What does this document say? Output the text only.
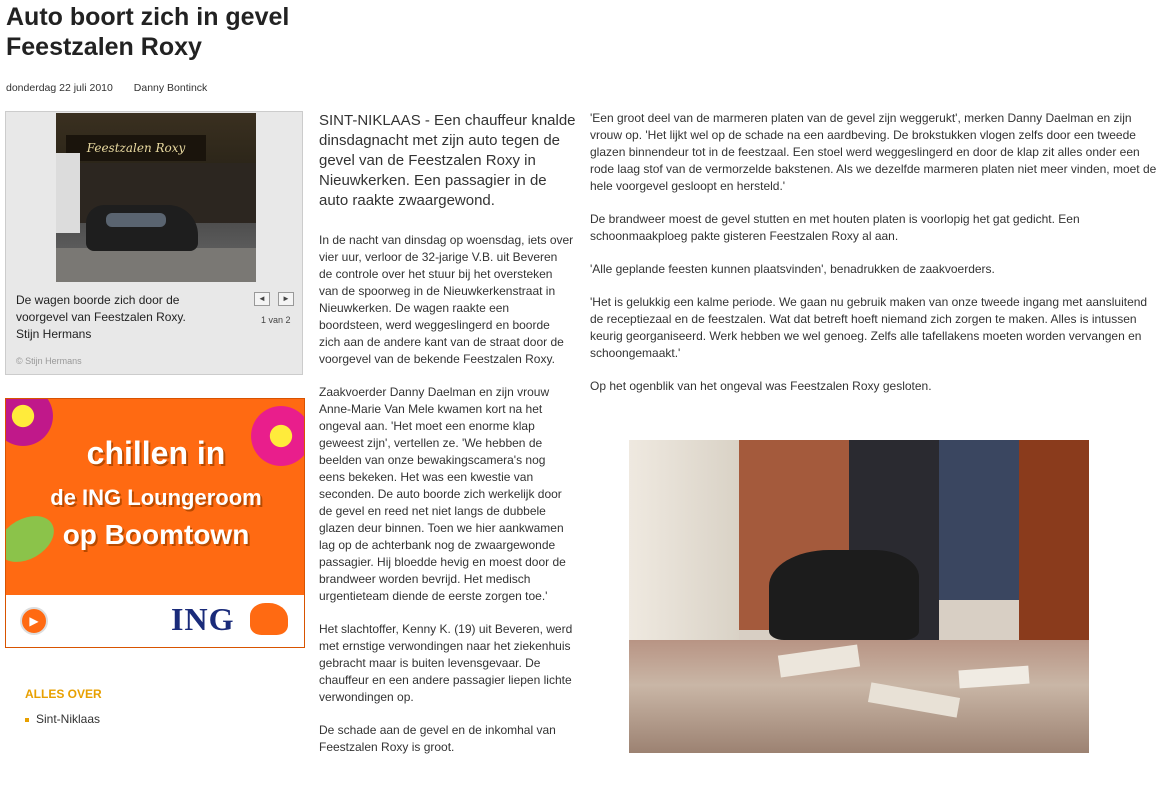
Auto boort zich in gevel Feestzalen Roxy
donderdag 22 juli 2010 Danny Bontinck
Feestzalen Roxy
De wagen boorde zich door de voorgevel van Feestzalen Roxy. Stijn Hermans
◄	►
1 van 2
© Stijn Hermans
chillen in
de ING Loungeroom
op Boomtown
▶	ING
ALLES OVER
Sint-Niklaas

SINT-NIKLAAS - Een chauffeur knalde dinsdagnacht met zijn auto tegen de gevel van de Feestzalen Roxy in Nieuwkerken. Een passagier in de auto raakte zwaargewond.

In de nacht van dinsdag op woensdag, iets over vier uur, verloor de 32-jarige V.B. uit Beveren de controle over het stuur bij het oversteken van de spoorweg in de Nieuwkerkenstraat in Nieuwkerken. De wagen raakte een boordsteen, werd weggeslingerd en boorde zich aan de andere kant van de straat door de voorgevel van de bekende Feestzalen Roxy.

Zaakvoerder Danny Daelman en zijn vrouw Anne-Marie Van Mele kwamen kort na het ongeval aan. 'Het moet een enorme klap geweest zijn', vertellen ze. 'We hebben de beelden van onze bewakingscamera's nog eens bekeken. Het was een kwestie van seconden. De auto boorde zich werkelijk door de gevel en reed net niet langs de dubbele glazen deur binnen. Toen we hier aankwamen lag op de achterbank nog de zwaargewonde passagier. Hij bloedde hevig en moest door de brandweer worden bevrijd. Het medisch urgentieteam diende de eerste zorgen toe.'

Het slachtoffer, Kenny K. (19) uit Beveren, werd met ernstige verwondingen naar het ziekenhuis gebracht maar is buiten levensgevaar. De chauffeur en een andere passagier liepen lichte verwondingen op.

De schade aan de gevel en de inkomhal van Feestzalen Roxy is groot.

'Een groot deel van de marmeren platen van de gevel zijn weggerukt', merken Danny Daelman en zijn vrouw op. 'Het lijkt wel op de schade na een aardbeving. De brokstukken vlogen zelfs door een tweede glazen binnendeur tot in de feestzaal. Een stoel werd weggeslingerd en door de klap zit alles onder een rode laag stof van de vermorzelde bakstenen. Als we dezelfde marmeren platen niet meer vinden, moet de hele voorgevel gesloopt en hersteld.'

De brandweer moest de gevel stutten en met houten platen is voorlopig het gat gedicht. Een schoonmaakploeg pakte gisteren Feestzalen Roxy al aan.

'Alle geplande feesten kunnen plaatsvinden', benadrukken de zaakvoerders.

'Het is gelukkig een kalme periode. We gaan nu gebruik maken van onze tweede ingang met aansluitend de receptiezaal en de feestzalen. Wat dat betreft hoeft niemand zich zorgen te maken. Alles is intussen keurig georganiseerd. Werk hebben we wel genoeg. Zelfs alle tafellakens moeten worden vervangen en schoongemaakt.'

Op het ogenblik van het ongeval was Feestzalen Roxy gesloten.
